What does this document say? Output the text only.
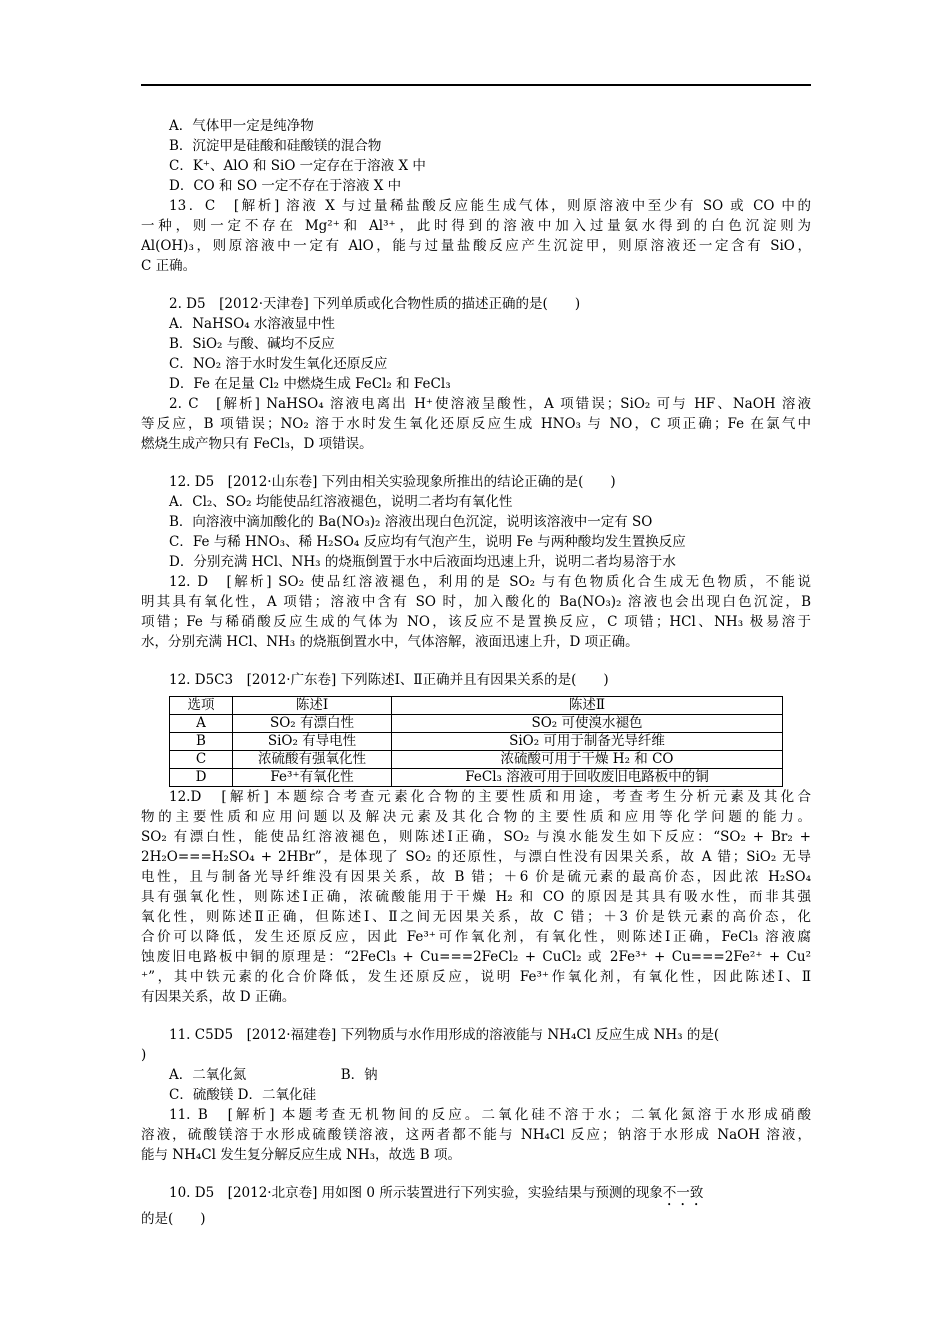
A．气体甲一定是纯净物
B．沉淀甲是硅酸和硅酸镁的混合物
C．K⁺、AlO 和 SiO 一定存在于溶液 X 中
D．CO 和 SO 一定不存在于溶液 X 中
13．C　[解析] 溶液 X 与过量稀盐酸反应能生成气体，则原溶液中至少有 SO 或 CO 中的
一种，则一定不存在 Mg²⁺和 Al³⁺，此时得到的溶液中加入过量氨水得到的白色沉淀则为
Al(OH)₃，则原溶液中一定有 AlO，能与过量盐酸反应产生沉淀甲，则原溶液还一定含有 SiO，
C 正确。
2. D5　[2012·天津卷] 下列单质或化合物性质的描述正确的是(　　)
A．NaHSO₄ 水溶液显中性
B．SiO₂ 与酸、碱均不反应
C．NO₂ 溶于水时发生氧化还原反应
D．Fe 在足量 Cl₂ 中燃烧生成 FeCl₂ 和 FeCl₃
2. C　[解析] NaHSO₄ 溶液电离出 H⁺使溶液呈酸性，A 项错误；SiO₂ 可与 HF、NaOH 溶液
等反应，B 项错误；NO₂ 溶于水时发生氧化还原反应生成 HNO₃ 与 NO，C 项正确；Fe 在氯气中
燃烧生成产物只有 FeCl₃，D 项错误。
12. D5　[2012·山东卷] 下列由相关实验现象所推出的结论正确的是(　　)
A．Cl₂、SO₂ 均能使品红溶液褪色，说明二者均有氧化性
B．向溶液中滴加酸化的 Ba(NO₃)₂ 溶液出现白色沉淀，说明该溶液中一定有 SO
C．Fe 与稀 HNO₃、稀 H₂SO₄ 反应均有气泡产生，说明 Fe 与两种酸均发生置换反应
D．分别充满 HCl、NH₃ 的烧瓶倒置于水中后液面均迅速上升，说明二者均易溶于水
12. D　[解析] SO₂ 使品红溶液褪色，利用的是 SO₂ 与有色物质化合生成无色物质，不能说
明其具有氧化性，A 项错；溶液中含有 SO 时，加入酸化的 Ba(NO₃)₂ 溶液也会出现白色沉淀，B
项错；Fe 与稀硝酸反应生成的气体为 NO，该反应不是置换反应，C 项错；HCl、NH₃ 极易溶于
水，分别充满 HCl、NH₃ 的烧瓶倒置水中，气体溶解，液面迅速上升，D 项正确。
12. D5C3　[2012·广东卷] 下列陈述Ⅰ、Ⅱ正确并且有因果关系的是(　　)
选项	陈述Ⅰ	陈述Ⅱ
A	SO₂ 有漂白性	SO₂ 可使溴水褪色
B	SiO₂ 有导电性	SiO₂ 可用于制备光导纤维
C	浓硫酸有强氧化性	浓硫酸可用于干燥 H₂ 和 CO
D	Fe³⁺有氧化性	FeCl₃ 溶液可用于回收废旧电路板中的铜
12.D　[解析] 本题综合考查元素化合物的主要性质和用途，考查考生分析元素及其化合
物的主要性质和应用问题以及解决元素及其化合物的主要性质和应用等化学问题的能力。
SO₂ 有漂白性，能使品红溶液褪色，则陈述Ⅰ正确，SO₂ 与溴水能发生如下反应：“SO₂ + Br₂ +
2H₂O===H₂SO₄ + 2HBr”，是体现了 SO₂ 的还原性，与漂白性没有因果关系，故 A 错；SiO₂ 无导
电性，且与制备光导纤维没有因果关系，故 B 错；＋6 价是硫元素的最高价态，因此浓 H₂SO₄
具有强氧化性，则陈述Ⅰ正确，浓硫酸能用于干燥 H₂ 和 CO 的原因是其具有吸水性，而非其强
氧化性，则陈述Ⅱ正确，但陈述Ⅰ、Ⅱ之间无因果关系，故 C 错；＋3 价是铁元素的高价态，化
合价可以降低，发生还原反应，因此 Fe³⁺可作氧化剂，有氧化性，则陈述Ⅰ正确，FeCl₃ 溶液腐
蚀废旧电路板中铜的原理是：“2FeCl₃ + Cu===2FeCl₂ + CuCl₂ 或 2Fe³⁺ + Cu===2Fe²⁺ + Cu²
⁺”，其中铁元素的化合价降低，发生还原反应，说明 Fe³⁺作氧化剂，有氧化性，因此陈述Ⅰ、Ⅱ
有因果关系，故 D 正确。
11. C5D5　[2012·福建卷] 下列物质与水作用形成的溶液能与 NH₄Cl 反应生成 NH₃ 的是(
)
A．二氧化氮　　　　　　　B．钠
C．硫酸镁 D．二氧化硅
11. B　[解析] 本题考查无机物间的反应。二氧化硅不溶于水；二氧化氮溶于水形成硝酸
溶液，硫酸镁溶于水形成硫酸镁溶液，这两者都不能与 NH₄Cl 反应；钠溶于水形成 NaOH 溶液，
能与 NH₄Cl 发生复分解反应生成 NH₃，故选 B 项。
10. D5　[2012·北京卷] 用如图 0 所示装置进行下列实验，实验结果与预测的现象不一致
的是(　　)
